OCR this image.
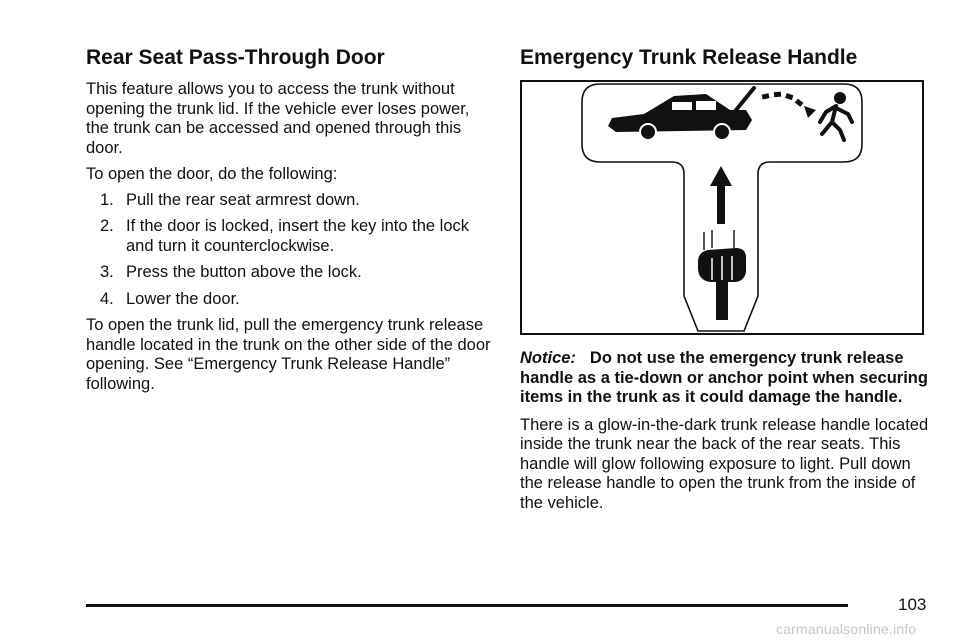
Rear Seat Pass-Through Door

This feature allows you to access the trunk without opening the trunk lid. If the vehicle ever loses power, the trunk can be accessed and opened through this door.

To open the door, do the following:

1. Pull the rear seat armrest down.
2. If the door is locked, insert the key into the lock and turn it counterclockwise.
3. Press the button above the lock.
4. Lower the door.

To open the trunk lid, pull the emergency trunk release handle located in the trunk on the other side of the door opening. See “Emergency Trunk Release Handle” following.

Emergency Trunk Release Handle

Notice: Do not use the emergency trunk release handle as a tie-down or anchor point when securing items in the trunk as it could damage the handle.

There is a glow-in-the-dark trunk release handle located inside the trunk near the back of the rear seats. This handle will glow following exposure to light. Pull down the release handle to open the trunk from the inside of the vehicle.

103
carmanualsonline.info
